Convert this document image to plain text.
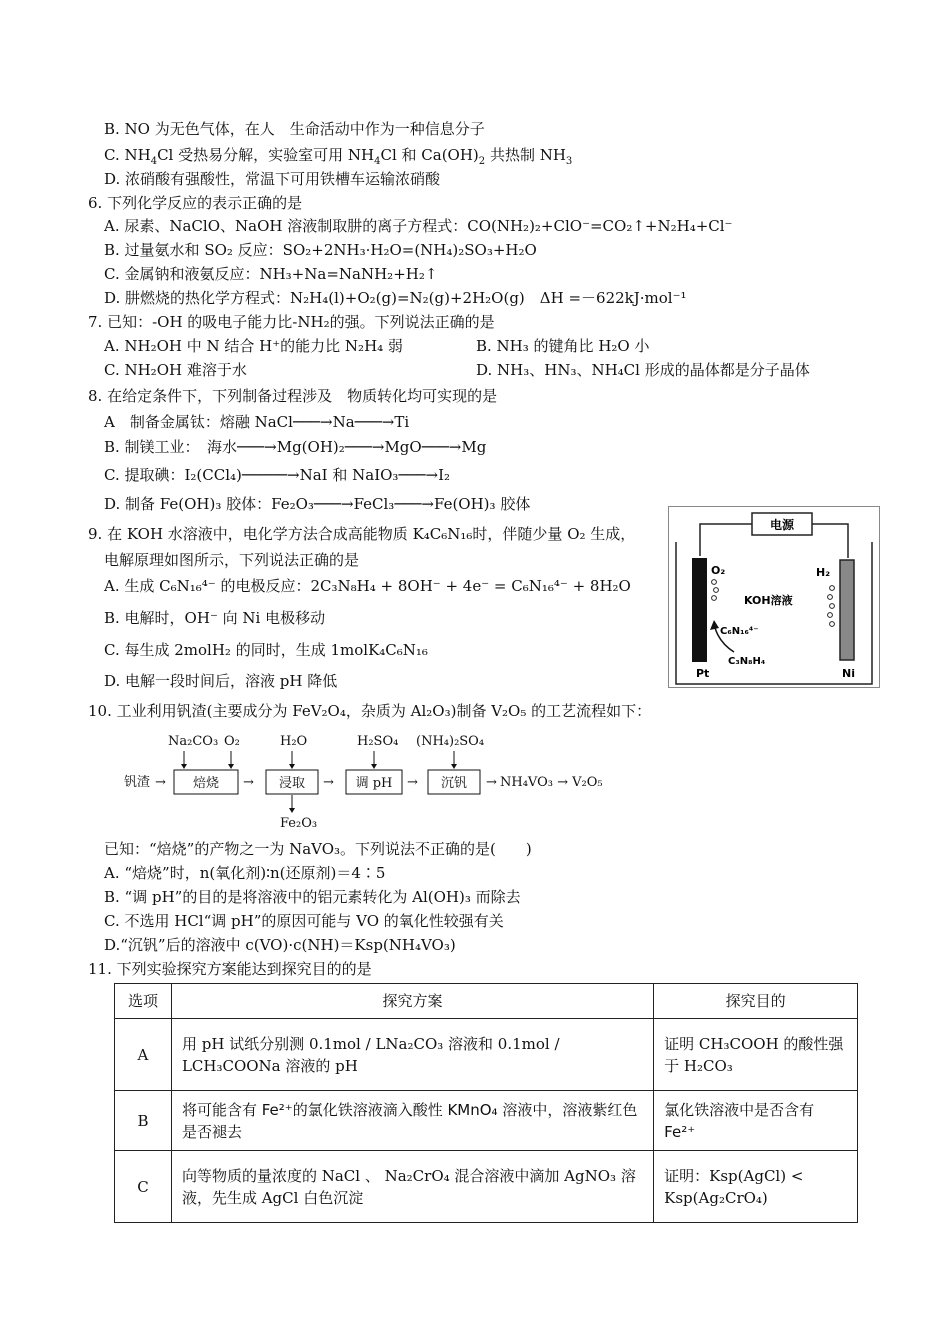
B. NO 为无色气体，在人　生命活动中作为一种信息分子
C. $NH_4Cl$ 受热易分解，实验室可用 $NH_4Cl$ 和 $Ca(OH)_2$ 共热制 $NH_3$
D. 浓硝酸有强酸性，常温下可用铁槽车运输浓硝酸
6. 下列化学反应的表示正确的是
A. 尿素、NaClO、NaOH 溶液制取肼的离子方程式：CO(NH₂)₂+ClO⁻=CO₂↑+N₂H₄+Cl⁻
B. 过量氨水和 SO₂ 反应：SO₂+2NH₃·H₂O=(NH₄)₂SO₃+H₂O
C. 金属钠和液氨反应：NH₃+Na=NaNH₂+H₂↑
D. 肼燃烧的热化学方程式：N₂H₄(l)+O₂(g)=N₂(g)+2H₂O(g)　ΔH =－622kJ·mol⁻¹
7. 已知：-OH 的吸电子能力比-NH₂的强。下列说法正确的是
A. NH₂OH 中 N 结合 H⁺的能力比 N₂H₄ 弱	B. NH₃ 的键角比 H₂O 小
C. NH₂OH 难溶于水	D. NH₃、HN₃、NH₄Cl 形成的晶体都是分子晶体
8. 在给定条件下，下列制备过程涉及　物质转化均可实现的是
A　制备金属钛：熔融 NaCl───→Na───→Ti
B. 制镁工业：　海水───→Mg(OH)₂───→MgO───→Mg
C. 提取碘：I₂(CCl₄)─────→NaI 和 NaIO₃───→I₂
D. 制备 Fe(OH)₃ 胶体：Fe₂O₃───→FeCl₃───→Fe(OH)₃ 胶体
9. 在 KOH 水溶液中，电化学方法合成高能物质 K₄C₆N₁₆时，伴随少量 O₂ 生成，
电解原理如图所示，下列说法正确的是
A. 生成 C₆N₁₆⁴⁻ 的电极反应：2C₃N₈H₄ + 8OH⁻ + 4e⁻ = C₆N₁₆⁴⁻ + 8H₂O
B. 电解时，OH⁻ 向 Ni 电极移动
C. 每生成 2molH₂ 的同时，生成 1molK₄C₆N₁₆
D. 电解一段时间后，溶液 pH 降低
电源
O₂	H₂
KOH溶液
C₆N₁₆⁴⁻
C₃N₈H₄
Pt	Ni
10. 工业利用钒渣(主要成分为 FeV₂O₄，杂质为 Al₂O₃)制备 V₂O₅ 的工艺流程如下：
Na₂CO₃ O₂	H₂O	H₂SO₄ (NH₄)₂SO₄
钒渣 → 焙烧 → 浸取 → 调 pH → 沉钒 → NH₄VO₃ → V₂O₅
Fe₂O₃
已知：“焙烧”的产物之一为 NaVO₃。下列说法不正确的是(　　)
A. “焙烧”时，n(氧化剂)∶n(还原剂)＝4∶5
B. “调 pH”的目的是将溶液中的铝元素转化为 Al(OH)₃ 而除去
C. 不选用 HCl“调 pH”的原因可能与 VO 的氧化性较强有关
D.“沉钒”后的溶液中 c(VO)·c(NH)＝Ksp(NH₄VO₃)
11. 下列实验探究方案能达到探究目的的是
选项	探究方案	探究目的
A	用 pH 试纸分别测 0.1mol / LNa₂CO₃ 溶液和 0.1mol / LCH₃COONa 溶液的 pH	证明 CH₃COOH 的酸性强于 H₂CO₃
B	将可能含有 Fe²⁺的氯化铁溶液滴入酸性 KMnO₄ 溶液中，溶液紫红色是否褪去	氯化铁溶液中是否含有 Fe²⁺
C	向等物质的量浓度的 NaCl 、 Na₂CrO₄ 混合溶液中滴加 AgNO₃ 溶液，先生成 AgCl 白色沉淀	证明：Ksp(AgCl) < Ksp(Ag₂CrO₄)
